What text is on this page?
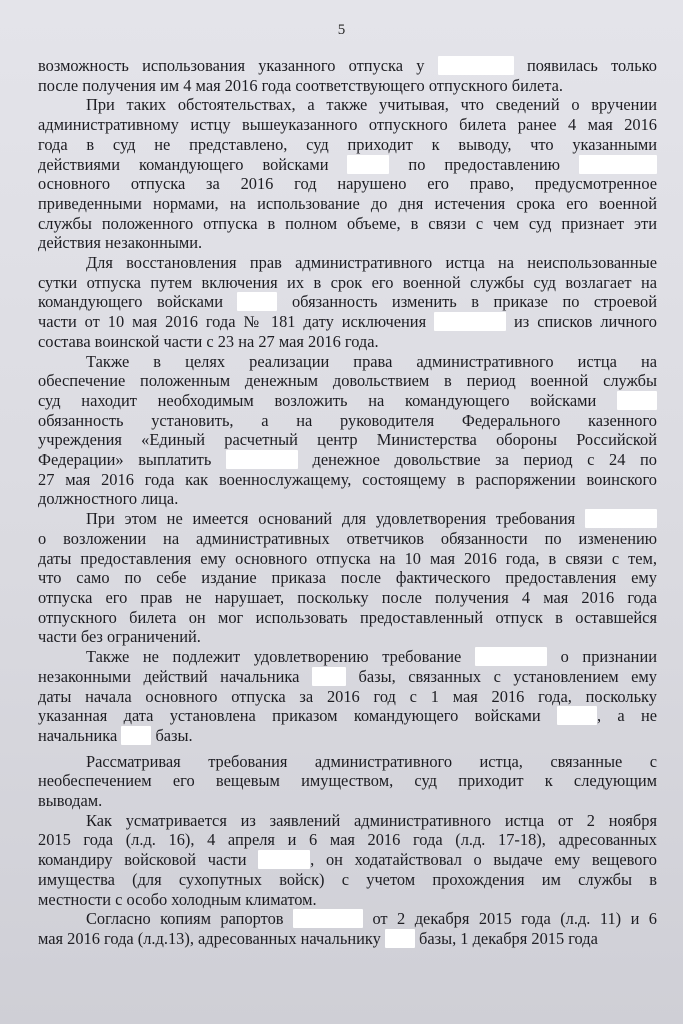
5
возможность использования указанного отпуска у	появилась только
после получения им 4 мая 2016 года соответствующего отпускного билета.
При таких обстоятельствах, а также учитывая, что сведений о вручении
административному истцу вышеуказанного отпускного билета ранее 4 мая 2016
года в суд не представлено, суд приходит к выводу, что указанными
действиями командующего войсками	по предоставлению
основного отпуска за 2016 год нарушено его право, предусмотренное
приведенными нормами, на использование до дня истечения срока его военной
службы положенного отпуска в полном объеме, в связи с чем суд признает эти
действия незаконными.
Для восстановления прав административного истца на неиспользованные
сутки отпуска путем включения их в срок его военной службы суд возлагает на
командующего войсками  обязанность изменить в приказе по строевой
части от 10 мая 2016 года № 181 дату исключения	из списков личного
состава воинской части с 23 на 27 мая 2016 года.
Также в целях реализации права административного истца на
обеспечение положенным денежным довольствием в период военной службы
суд находит необходимым возложить на командующего войсками
обязанность установить, а на руководителя Федерального казенного
учреждения «Единый расчетный центр Министерства обороны Российской
Федерации» выплатить	денежное довольствие за период с 24 по
27 мая 2016 года как военнослужащему, состоящему в распоряжении воинского
должностного лица.
При этом не имеется оснований для удовлетворения требования
о возложении на административных ответчиков обязанности по изменению
даты предоставления ему основного отпуска на 10 мая 2016 года, в связи с тем,
что само по себе издание приказа после фактического предоставления ему
отпуска его прав не нарушает, поскольку после получения 4 мая 2016 года
отпускного билета он мог использовать предоставленный отпуск в оставшейся
части без ограничений.
Также не подлежит удовлетворению требование	о признании
незаконными действий начальника  базы, связанных с установлением ему
даты начала основного отпуска за 2016 год с 1 мая 2016 года, поскольку
указанная дата установлена приказом командующего войсками , а не
начальника  базы.
Рассматривая требования административного истца, связанные с
необеспечением его вещевым имуществом, суд приходит к следующим
выводам.
Как усматривается из заявлений административного истца от 2 ноября
2015 года (л.д. 16), 4 апреля и 6 мая 2016 года (л.д. 17-18), адресованных
командиру войсковой части	, он ходатайствовал о выдаче ему вещевого
имущества (для сухопутных войск) с учетом прохождения им службы в
местности с особо холодным климатом.
Согласно копиям рапортов	от 2 декабря 2015 года (л.д. 11) и 6
мая 2016 года (л.д.13), адресованных начальнику  базы, 1 декабря 2015 года
